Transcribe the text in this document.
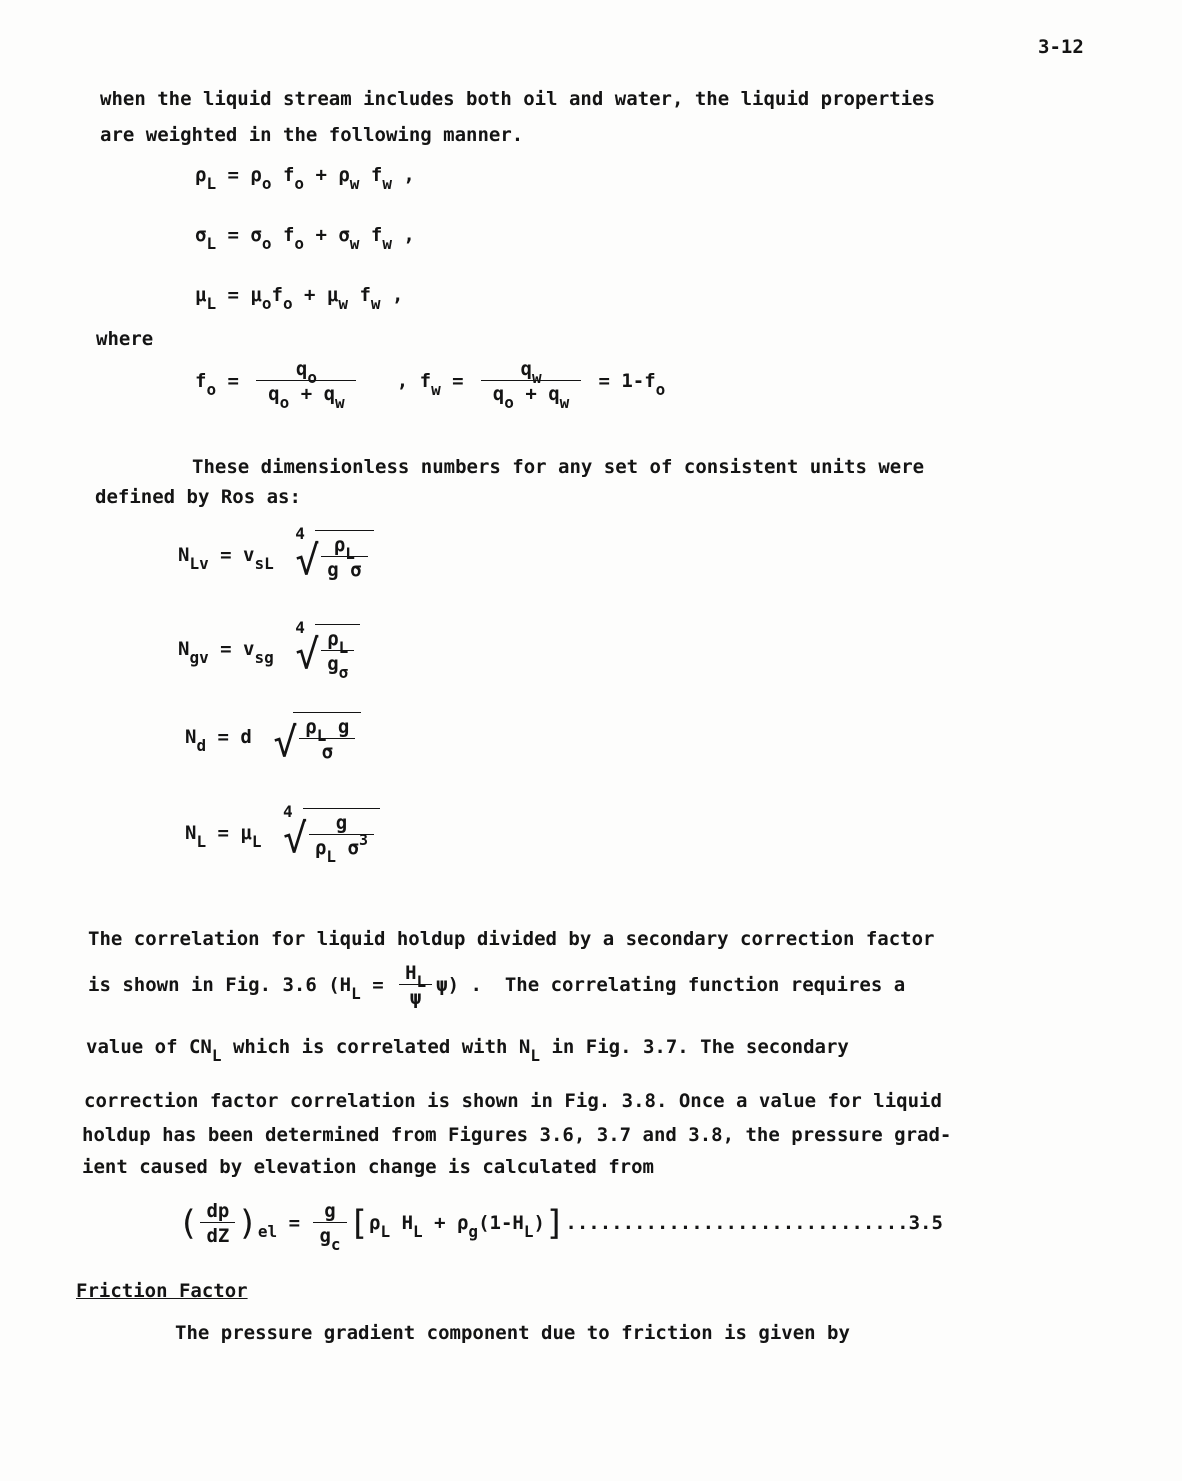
3-12
when the liquid stream includes both oil and water, the liquid properties
are weighted in the following manner.
$\rho_L = \rho_o$ $f_o + \rho_w$ $f_w$ ,
$\sigma_L = \sigma_o$ $f_o + \sigma_w$ $f_w$ ,
$\mu_L = \mu_of_o + \mu_w$ $f_w$ ,
where
$f_o = \frac{q_o}{q_o + q_w}$ , $f_w = \frac{q_w}{q_o + q_w} = 1-f_o$
These dimensionless numbers for any set of consistent units were
defined by Ros as:
$N_{Lv} = v_{sL}$
4
√ $\frac{\rho_L}{\text{g σ}}$
$N_{gv} = v_{sg}$
4
√ $\frac{\rho_L}{g_\sigma}$
$N_d = d$ √ $\frac{\rho_L g}{\sigma}$
$N_L = \mu_L$
4
√ $\frac{g}{\rho_L \sigma^3}$
The correlation for liquid holdup divided by a secondary correction factor
is shown in Fig. 3.6 $(H_L = \frac{H_L}{\psi} \psi)$ .  The correlating function requires a
value of $CN_L$ which is correlated with $N_L$ in Fig. 3.7. The secondary
correction factor correlation is shown in Fig. 3.8. Once a value for liquid
holdup has been determined from Figures 3.6, 3.7 and 3.8, the pressure grad-
ient caused by elevation change is calculated from
( $\frac{dp}{dZ} )_{el} = \frac{g}{g_c} [\rho_L$ $H_L + \rho_g(1-H_L)]..............................3.5$
Friction Factor
The pressure gradient component due to friction is given by
